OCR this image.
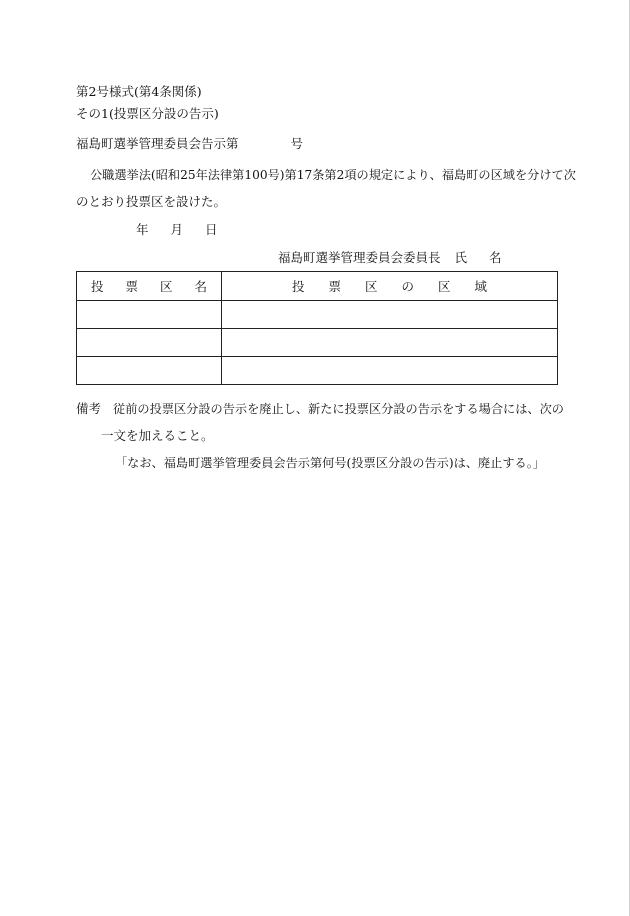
第2号様式(第4条関係)
その1(投票区分設の告示)
福島町選挙管理委員会告示第	号
公職選挙法(昭和25年法律第100号)第17条第2項の規定により、福島町の区域を分けて次
のとおり投票区を設けた。
年 月 日
福島町選挙管理委員会委員長 氏 名
投 票 区 名	投 票 区 の 区 域

備考 従前の投票区分設の告示を廃止し、新たに投票区分設の告示をする場合には、次の
一文を加えること。
「なお、福島町選挙管理委員会告示第何号(投票区分設の告示)は、廃止する。」
